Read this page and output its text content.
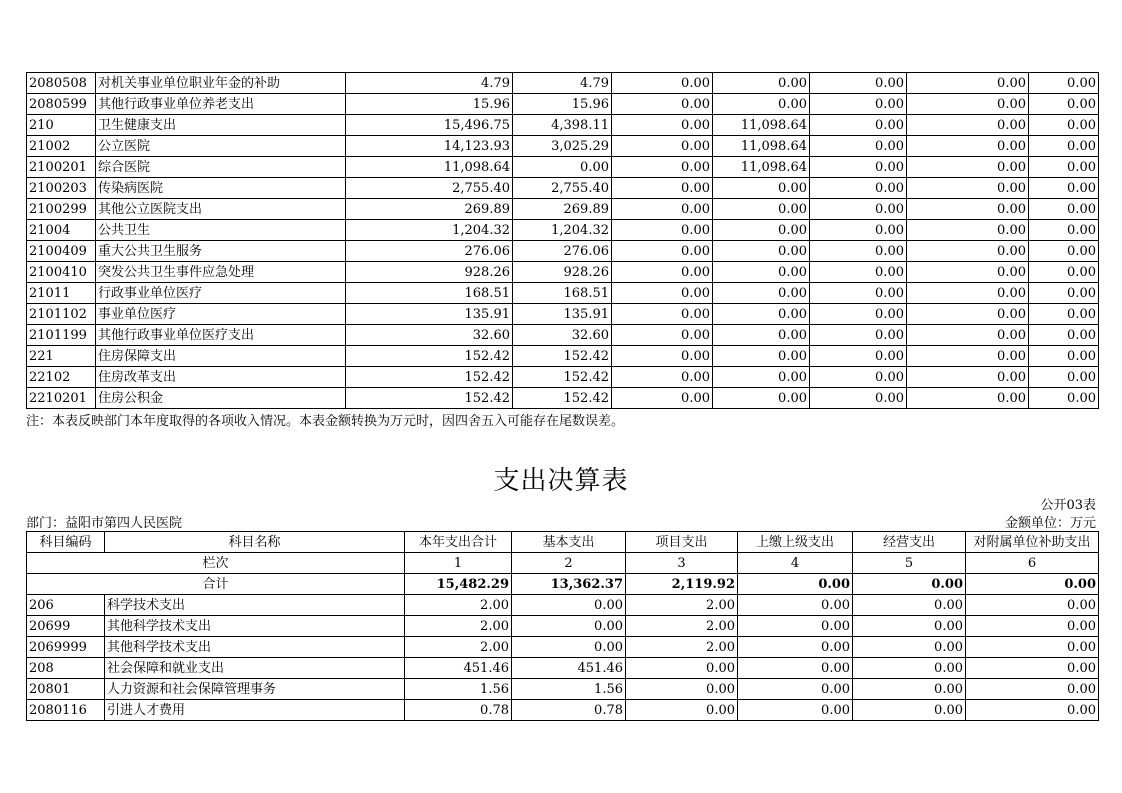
2080508	对机关事业单位职业年金的补助	4.79	4.79	0.00	0.00	0.00	0.00	0.00
2080599	其他行政事业单位养老支出	15.96	15.96	0.00	0.00	0.00	0.00	0.00
210	卫生健康支出	15,496.75	4,398.11	0.00	11,098.64	0.00	0.00	0.00
21002	公立医院	14,123.93	3,025.29	0.00	11,098.64	0.00	0.00	0.00
2100201	综合医院	11,098.64	0.00	0.00	11,098.64	0.00	0.00	0.00
2100203	传染病医院	2,755.40	2,755.40	0.00	0.00	0.00	0.00	0.00
2100299	其他公立医院支出	269.89	269.89	0.00	0.00	0.00	0.00	0.00
21004	公共卫生	1,204.32	1,204.32	0.00	0.00	0.00	0.00	0.00
2100409	重大公共卫生服务	276.06	276.06	0.00	0.00	0.00	0.00	0.00
2100410	突发公共卫生事件应急处理	928.26	928.26	0.00	0.00	0.00	0.00	0.00
21011	行政事业单位医疗	168.51	168.51	0.00	0.00	0.00	0.00	0.00
2101102	事业单位医疗	135.91	135.91	0.00	0.00	0.00	0.00	0.00
2101199	其他行政事业单位医疗支出	32.60	32.60	0.00	0.00	0.00	0.00	0.00
221	住房保障支出	152.42	152.42	0.00	0.00	0.00	0.00	0.00
22102	住房改革支出	152.42	152.42	0.00	0.00	0.00	0.00	0.00
2210201	住房公积金	152.42	152.42	0.00	0.00	0.00	0.00	0.00
注：本表反映部门本年度取得的各项收入情况。本表金额转换为万元时，因四舍五入可能存在尾数误差。
支出决算表
公开03表
部门：益阳市第四人民医院	金额单位：万元
科目编码	科目名称	本年支出合计	基本支出	项目支出	上缴上级支出	经营支出	对附属单位补助支出
栏次		1	2	3	4	5	6
合计		15,482.29	13,362.37	2,119.92	0.00	0.00	0.00
206	科学技术支出	2.00	0.00	2.00	0.00	0.00	0.00
20699	其他科学技术支出	2.00	0.00	2.00	0.00	0.00	0.00
2069999	其他科学技术支出	2.00	0.00	2.00	0.00	0.00	0.00
208	社会保障和就业支出	451.46	451.46	0.00	0.00	0.00	0.00
20801	人力资源和社会保障管理事务	1.56	1.56	0.00	0.00	0.00	0.00
2080116	引进人才费用	0.78	0.78	0.00	0.00	0.00	0.00
